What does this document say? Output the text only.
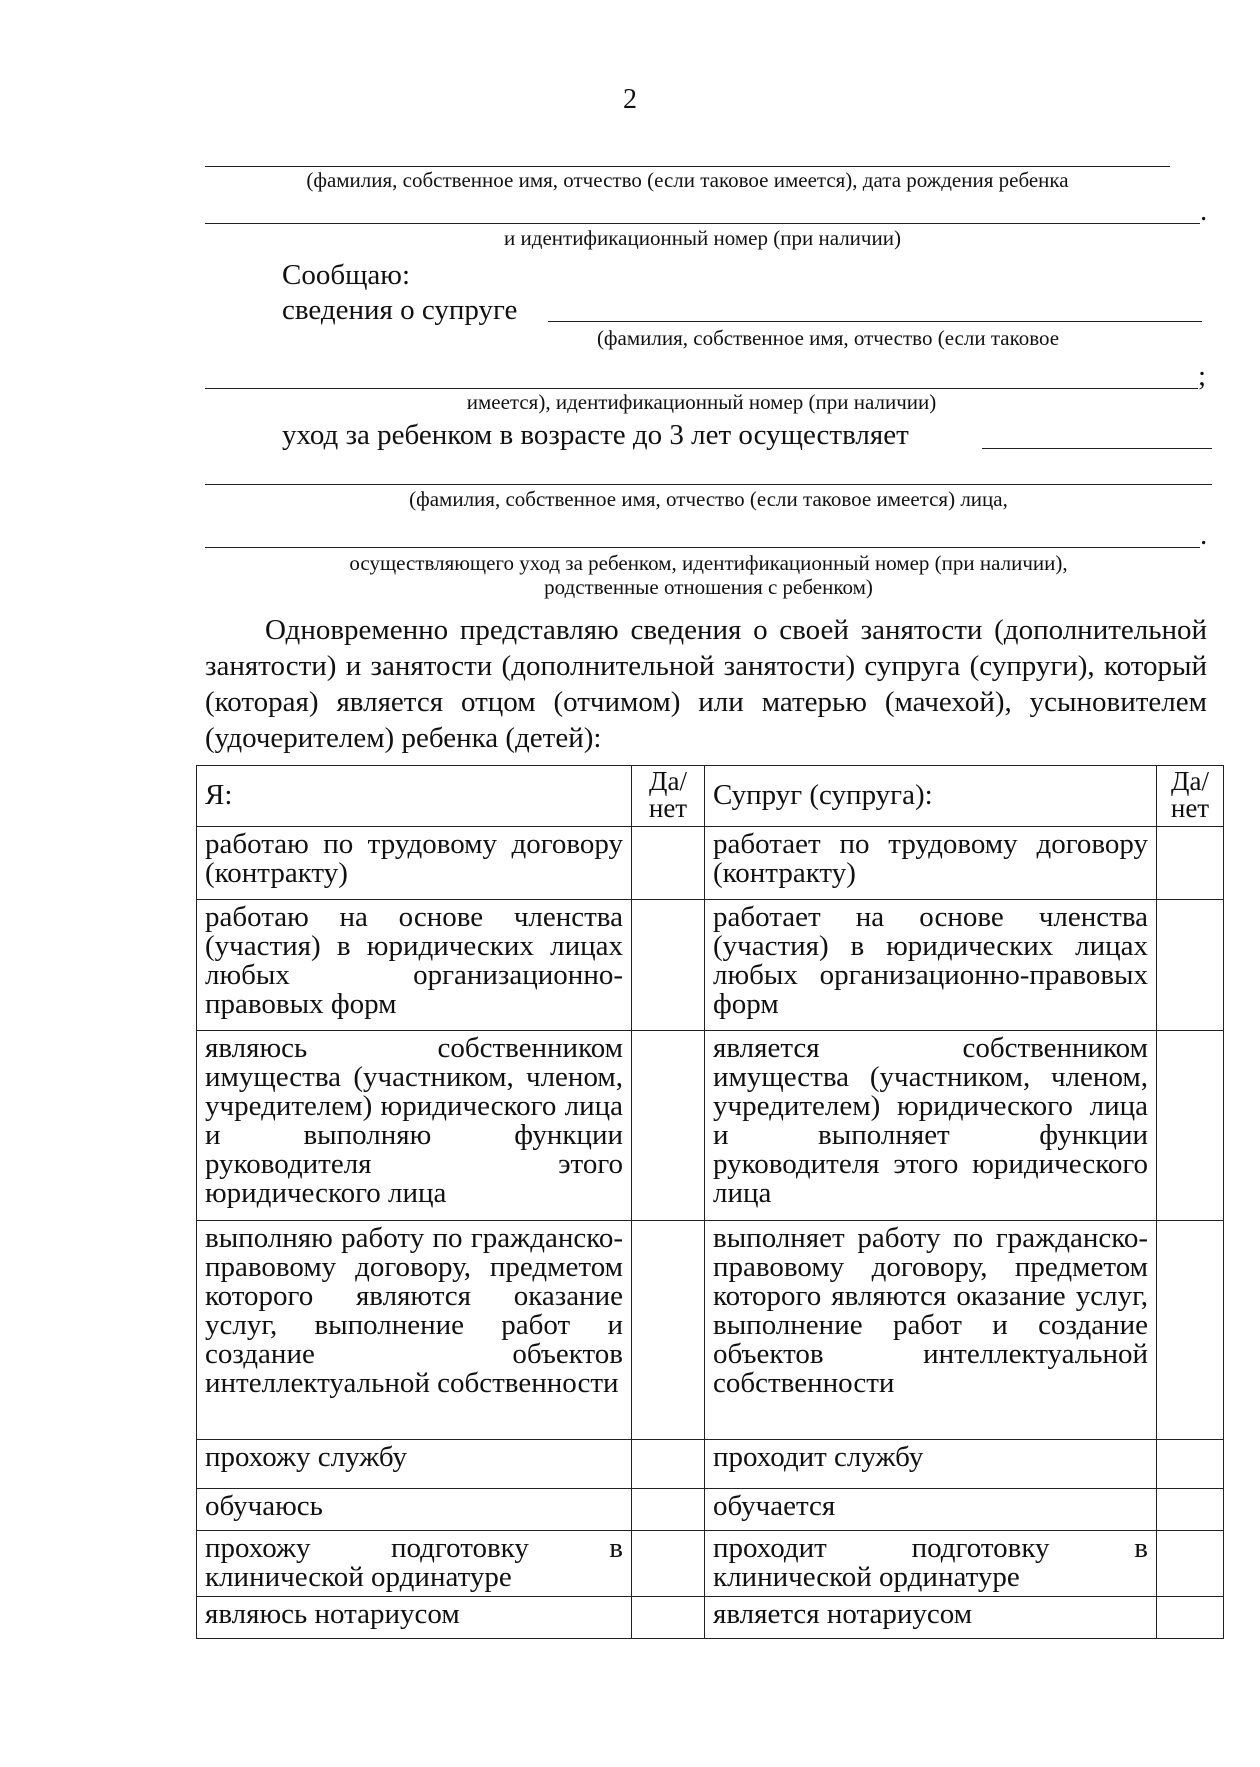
2
(фамилия, собственное имя, отчество (если таковое имеется), дата рождения ребенка
.
и идентификационный номер (при наличии)
Сообщаю:
сведения о супруге
(фамилия, собственное имя, отчество (если таковое
;
имеется), идентификационный номер (при наличии)
уход за ребенком в возрасте до 3 лет осуществляет
(фамилия, собственное имя, отчество (если таковое имеется) лица,
.
осуществляющего уход за ребенком, идентификационный номер (при наличии),
родственные отношения с ребенком)
Одновременно представляю сведения о своей занятости (дополнительной занятости) и занятости (дополнительной занятости) супруга (супруги), который (которая) является отцом (отчимом) или матерью (мачехой), усыновителем (удочерителем) ребенка (детей):
Я:	Да/ нет	Супруг (супруга):	Да/ нет
работаю по трудовому договору (контракту)		работает по трудовому договору (контракту)	
работаю на основе членства (участия) в юридических лицах любых организационно-правовых форм		работает на основе членства (участия) в юридических лицах любых организационно-правовых форм	
являюсь собственником имущества (участником, членом, учредителем) юридического лица и выполняю функции руководителя этого юридического лица		является собственником имущества (участником, членом, учредителем) юридического лица и выполняет функции руководителя этого юридического лица	
выполняю работу по гражданско-правовому договору, предметом которого являются оказание услуг, выполнение работ и создание объектов интеллектуальной собственности		выполняет работу по гражданско-правовому договору, предметом которого являются оказание услуг, выполнение работ и создание объектов интеллектуальной собственности	
прохожу службу		проходит службу	
обучаюсь		обучается	
прохожу подготовку в клинической ординатуре		проходит подготовку в клинической ординатуре	
являюсь нотариусом		является нотариусом	
